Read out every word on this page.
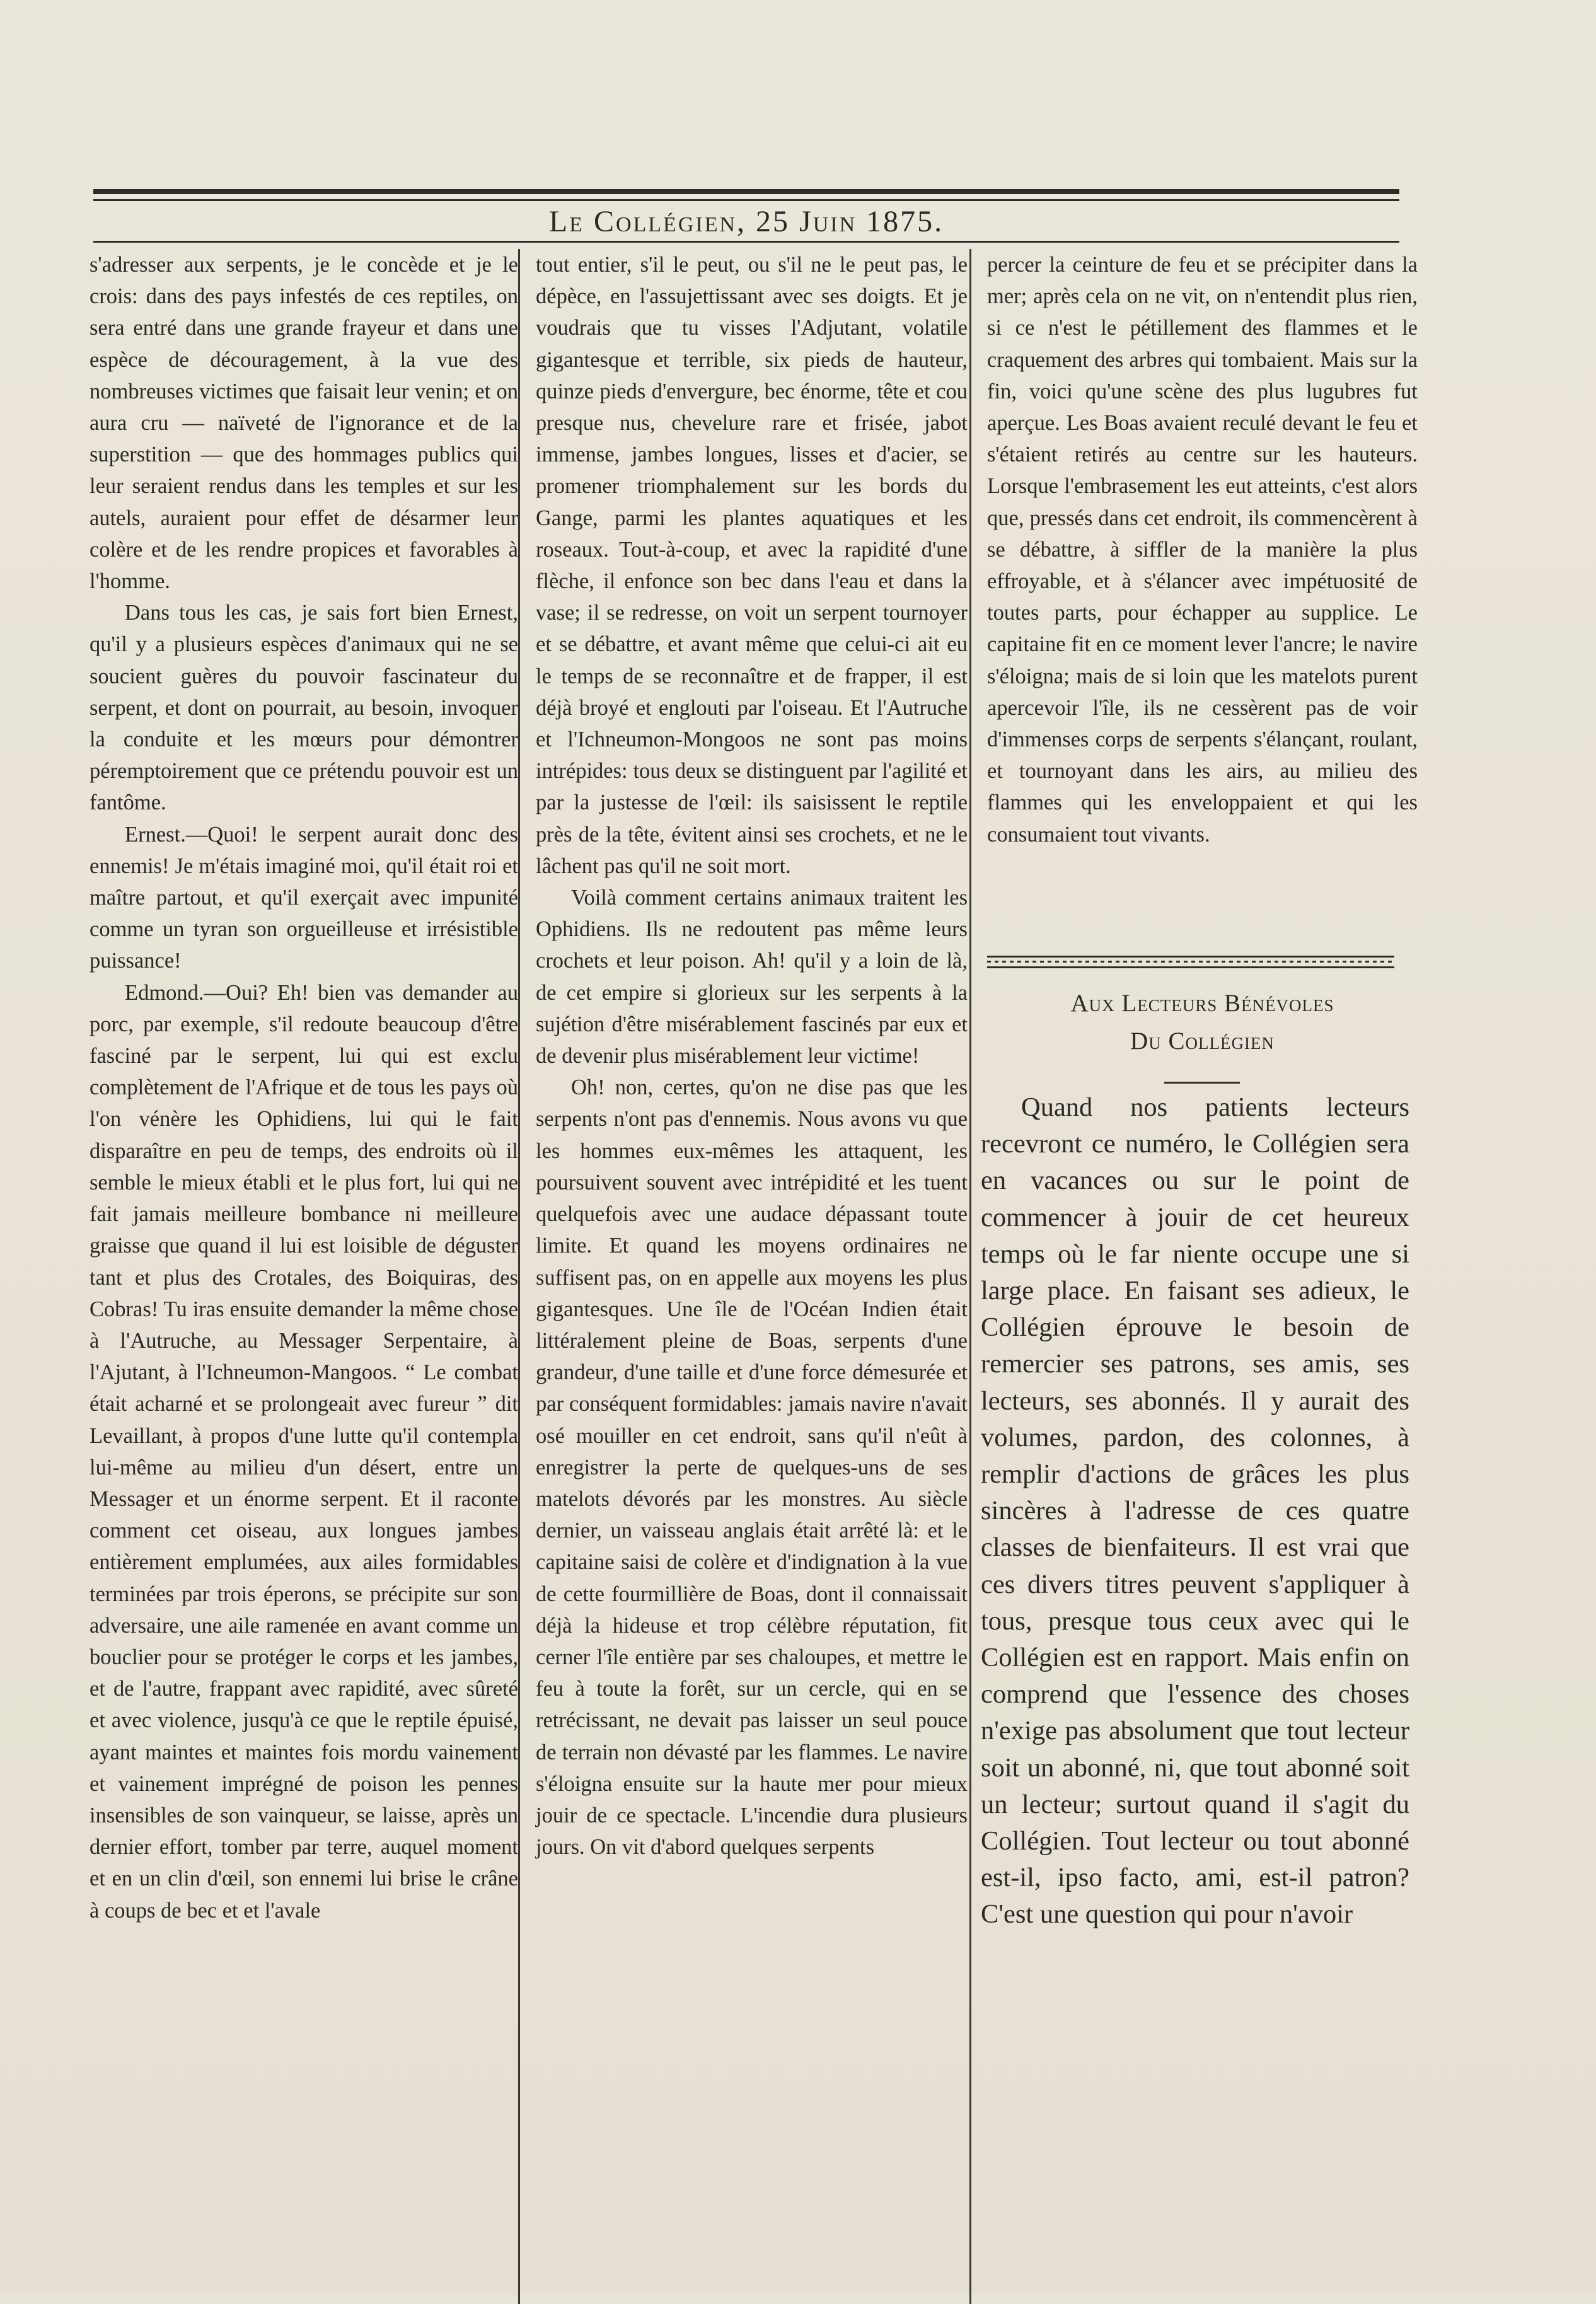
Le Collégien, 25 Juin 1875.

s'adresser aux serpents, je le concède et je le crois: dans des pays infestés de ces reptiles, on sera entré dans une grande frayeur et dans une espèce de découragement, à la vue des nombreuses victimes que faisait leur venin; et on aura cru — naïveté de l'ignorance et de la superstition — que des hommages publics qui leur seraient rendus dans les temples et sur les autels, auraient pour effet de désarmer leur colère et de les rendre propices et favorables à l'homme.

Dans tous les cas, je sais fort bien Ernest, qu'il y a plusieurs espèces d'animaux qui ne se soucient guères du pouvoir fascinateur du serpent, et dont on pourrait, au besoin, invoquer la conduite et les mœurs pour démontrer péremptoirement que ce prétendu pouvoir est un fantôme.

Ernest.—Quoi! le serpent aurait donc des ennemis! Je m'étais imaginé moi, qu'il était roi et maître partout, et qu'il exerçait avec impunité comme un tyran son orgueilleuse et irrésistible puissance!

Edmond.—Oui? Eh! bien vas demander au porc, par exemple, s'il redoute beaucoup d'être fasciné par le serpent, lui qui est exclu complètement de l'Afrique et de tous les pays où l'on vénère les Ophidiens, lui qui le fait disparaître en peu de temps, des endroits où il semble le mieux établi et le plus fort, lui qui ne fait jamais meilleure bombance ni meilleure graisse que quand il lui est loisible de déguster tant et plus des Crotales, des Boiquiras, des Cobras! Tu iras ensuite demander la même chose à l'Autruche, au Messager Serpentaire, à l'Ajutant, à l'Ichneumon-Mangoos. “ Le combat était acharné et se prolongeait avec fureur ” dit Levaillant, à propos d'une lutte qu'il contempla lui-même au milieu d'un désert, entre un Messager et un énorme serpent. Et il raconte comment cet oiseau, aux longues jambes entièrement emplumées, aux ailes formidables terminées par trois éperons, se précipite sur son adversaire, une aile ramenée en avant comme un bouclier pour se protéger le corps et les jambes, et de l'autre, frappant avec rapidité, avec sûreté et avec violence, jusqu'à ce que le reptile épuisé, ayant maintes et maintes fois mordu vainement et vainement imprégné de poison les pennes insensibles de son vainqueur, se laisse, après un dernier effort, tomber par terre, auquel moment et en un clin d'œil, son ennemi lui brise le crâne à coups de bec et et l'avale

tout entier, s'il le peut, ou s'il ne le peut pas, le dépèce, en l'assujettissant avec ses doigts. Et je voudrais que tu visses l'Adjutant, volatile gigantesque et terrible, six pieds de hauteur, quinze pieds d'envergure, bec énorme, tête et cou presque nus, chevelure rare et frisée, jabot immense, jambes longues, lisses et d'acier, se promener triomphalement sur les bords du Gange, parmi les plantes aquatiques et les roseaux. Tout-à-coup, et avec la rapidité d'une flèche, il enfonce son bec dans l'eau et dans la vase; il se redresse, on voit un serpent tournoyer et se débattre, et avant même que celui-ci ait eu le temps de se reconnaître et de frapper, il est déjà broyé et englouti par l'oiseau. Et l'Autruche et l'Ichneumon-Mongoos ne sont pas moins intrépides: tous deux se distinguent par l'agilité et par la justesse de l'œil: ils saisissent le reptile près de la tête, évitent ainsi ses crochets, et ne le lâchent pas qu'il ne soit mort.

Voilà comment certains animaux traitent les Ophidiens. Ils ne redoutent pas même leurs crochets et leur poison. Ah! qu'il y a loin de là, de cet empire si glorieux sur les serpents à la sujétion d'être misérablement fascinés par eux et de devenir plus misérablement leur victime!

Oh! non, certes, qu'on ne dise pas que les serpents n'ont pas d'ennemis. Nous avons vu que les hommes eux-mêmes les attaquent, les poursuivent souvent avec intrépidité et les tuent quelquefois avec une audace dépassant toute limite. Et quand les moyens ordinaires ne suffisent pas, on en appelle aux moyens les plus gigantesques. Une île de l'Océan Indien était littéralement pleine de Boas, serpents d'une grandeur, d'une taille et d'une force démesurée et par conséquent formidables: jamais navire n'avait osé mouiller en cet endroit, sans qu'il n'eût à enregistrer la perte de quelques-uns de ses matelots dévorés par les monstres. Au siècle dernier, un vaisseau anglais était arrêté là: et le capitaine saisi de colère et d'indignation à la vue de cette fourmillière de Boas, dont il connaissait déjà la hideuse et trop célèbre réputation, fit cerner l'île entière par ses chaloupes, et mettre le feu à toute la forêt, sur un cercle, qui en se retrécissant, ne devait pas laisser un seul pouce de terrain non dévasté par les flammes. Le navire s'éloigna ensuite sur la haute mer pour mieux jouir de ce spectacle. L'incendie dura plusieurs jours. On vit d'abord quelques serpents

percer la ceinture de feu et se précipiter dans la mer; après cela on ne vit, on n'entendit plus rien, si ce n'est le pétillement des flammes et le craquement des arbres qui tombaient. Mais sur la fin, voici qu'une scène des plus lugubres fut aperçue. Les Boas avaient reculé devant le feu et s'étaient retirés au centre sur les hauteurs. Lorsque l'embrasement les eut atteints, c'est alors que, pressés dans cet endroit, ils commencèrent à se débattre, à siffler de la manière la plus effroyable, et à s'élancer avec impétuosité de toutes parts, pour échapper au supplice. Le capitaine fit en ce moment lever l'ancre; le navire s'éloigna; mais de si loin que les matelots purent apercevoir l'île, ils ne cessèrent pas de voir d'immenses corps de serpents s'élançant, roulant, et tournoyant dans les airs, au milieu des flammes qui les enveloppaient et qui les consumaient tout vivants.

Aux Lecteurs Bénévoles
Du Collégien

Quand nos patients lecteurs recevront ce numéro, le Collégien sera en vacances ou sur le point de commencer à jouir de cet heureux temps où le far niente occupe une si large place. En faisant ses adieux, le Collégien éprouve le besoin de remercier ses patrons, ses amis, ses lecteurs, ses abonnés. Il y aurait des volumes, pardon, des colonnes, à remplir d'actions de grâces les plus sincères à l'adresse de ces quatre classes de bienfaiteurs. Il est vrai que ces divers titres peuvent s'appliquer à tous, presque tous ceux avec qui le Collégien est en rapport. Mais enfin on comprend que l'essence des choses n'exige pas absolument que tout lecteur soit un abonné, ni, que tout abonné soit un lecteur; surtout quand il s'agit du Collégien. Tout lecteur ou tout abonné est-il, ipso facto, ami, est-il patron? C'est une question qui pour n'avoir
